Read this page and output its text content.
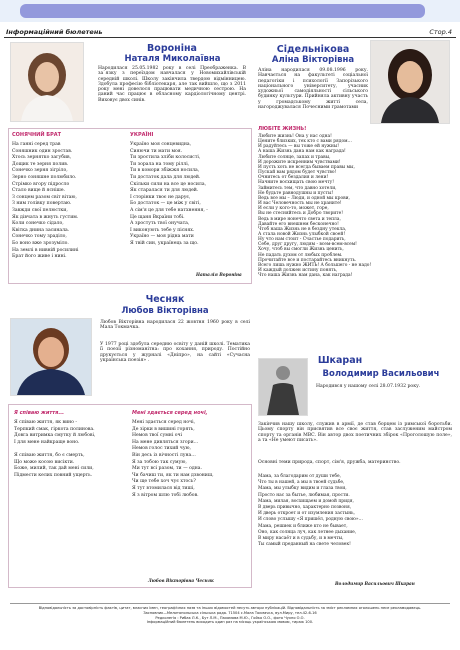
Інформаційний бюлетень	Стор.4
Вороніна
Наталя Миколаївна
Народилася 25.05.1982 року в селі Преображенка. В за`язку з переїздом навчалася у Новомихайлівській середній школі. Школу закінчила твердою відмінницею. Здобула професію бібліотекаря, але так вийшло, що з 2011 року мені довелося працювати медичною сестрою. На даний час працює в обласному кардіологічному центрі. Виховує двох синів.
СОНЯЧНИЙ БРАТ
На ганні серед трав
Соняшник один зростав.
Хтось зернятко загубив,
Дощик те зерня полив.
Сонечко зерня зігріло,
Зерно соняшне полюбило.
Стрімко вгору підросло
Стало вище й ясніше.
З сонцем разом світ вітаю,
З ним голівку повертаю.
Завжди свої пелюстки,
Як дівчата в жнуть густим.
Коли сонечко сідало,
Квітка днина засинала.
Сонечко тому зраділо,
Бо воно вже зрозуміло.
На землі в нивній росилині
Брат його живе і нині.
УКРАЇНІ
Україно моя сонцевидна,
Сияючи ти мати моя.
Ти зростила хліби колосисті,
Ти зорала на тому ріллі,
Ти в комори збіжжя носила,
Ти достаток дала для людей.
Скільки сили на все це носила,
Як старалася ти для людей.
І сторінки твоє не дарує,
Бо достаток — це між у світі,
А сім'я це для тебе натхнення, -
Це щаня Вкраїни тобі.
А зростуть твої онучата,
І виконують тебе у піснях.
Україно — моя рідна мати
Я твій син, українець за що.
Наталія Вороніна
Сідельнікова
Аліна Вікторівна
Аліна народилася 09.08.1996 року. Навчається на факультеті соціальної педагогіки і психології Запорізького національного університету, учасник художньої самодіяльності сільського будинку культури. Прийняла активну участь у громадському житті села, нагороджувалася Почесними грамотами
ЛЮБІТЕ ЖИЗНЬ!
Любите жизнь! Она у нас одна!
Цените близких, тех кто с вами рядом…
И радуйтесь — вы тоже ей нужны!
А наша Жизнь дана нам как награда!
Любите солнце, запах и травы,
И дорожите искренним чувствами!
И пусть хоть не всегда бываем правы мы,
Пускай вам рядом будет чувство!
Очнитесь от бездалия и лени!
Начните восхищать свою мечту!
Займитесь тем, что давно хотели,
Не будьте равнодушны и пусты!
Ведь все мы – Люди, и одной мы крови,
И вас Человечность мы не храните!
И если у кого-то, может, горе,
Вы не стесняйтесь и Добро творите!
Ведь в мире нонечто света и тепла,
Давайте его внешнем бесконечно!
Чтоб наша Жизнь не в бездну утекла,
А стала новой Жизнь улыбкой своей!
Ну что нам стоит - Счастье подарить,
Себе, друг другу, людям - всем-всем-всем!
Хочу, чтоб вы смогли Жизнь ценить,
Не падать духом от любых проблем.
Прочитайте все и постарайтесь вникнуть.
Всего лишь нужно ЖИТЬ! А большего - не надо!
И каждый должен истину понять,
Что наша Жизнь нам дана, как награда!
Чесняк
Любов Вікторівна
Любов Вікторівна народилася 22 жовтня 1960 року в селі Мала Токмачка.
У 1977 році здобула середню освіту у даній школі. Тематика її поезії різноманітна: про кохання, природу. Постійно друкується у журналі «Дніпро», на сайті «Сучасна українська поезія» .
Я співаю життя...
Я співаю життя, як вино -
Терпкий смак, гіркота полинова.
Довга витримка смутку й любові,
І для мене найкраще воно.

Я співаю життя, бо є смерть,
Що може косою висікти.
Боже, милий, так дай мені сили,
Підмести келих повний ущерть.
Мені здається серед ночі,
Мені здається серед ночі,
Де зірки в вишині горять,
Немов твої сумні очі
На мене дивляться згори…
Немов голос тихий чую,
Він десь із вічності луна…
Я за тобою так сумую,
Ми тут всі разом, ти — одна.
Чи бачиш ти, як ти нам дзвониш,
Чи ще тебе хоч чує хтось?
Я тут втомилася від тиші,
Я з вітром шлю тобі любов.
Любов Вікторівна Чесняк
Шкаран
Володимир Васильович
Народився у нашому селі 28.07.1932 року.
Закінчив нашу школу, служив в армії, де став борцем із римської боротьби. Цьому спорту він присвятив все своє життя, став заслуженим майстром спорту та органів МВС. Він автор двох поетичних збірок «Проголошую поле», а та «Не умеют писать».
Основні теми природа, спорт, сім'я, дружба, материнство.
Мама, за благодарим от души тебе,
Что ты в нашей, а мы в твоей судьбе,
Мама, мы улыбку видим и глаза твои,
Просто нас за бытье, любимая, прости.
Мама, милая, восхищаем и домой придя,
В дверь привычно, характерно позвоня,
И дверь откроет и от изумления застынь,
И слово услышу «Я пришёл, родную свою»…
Мама, решиек и ближе кто не бывает,
Оно, как солнца луч, как летнее дыхание,
В миру насаёт и в судьбу, и в мечты,
Ты самый преданный на свете человек!
Володимир Васильович Шкаран
Відповідальність за достовірність фактів, цитат, власних імен, географічних назв та інших відомостей несуть автори публікацій. Відповідальність за зміст рекламних оголошень несе рекламодавець.
Засновник—Мелитопольська сільська рада. 71504 с.Мала Токмачка, вул.Миру, тел.42-6-16
Редколегія : Рибак Л.К., Бут Л.М., Пахомова М.Ю., Гойко О.О., фото Чухно О.О.
Інформаційний бюлетень виходить один раз на місяць українською мовою, тираж 100.
